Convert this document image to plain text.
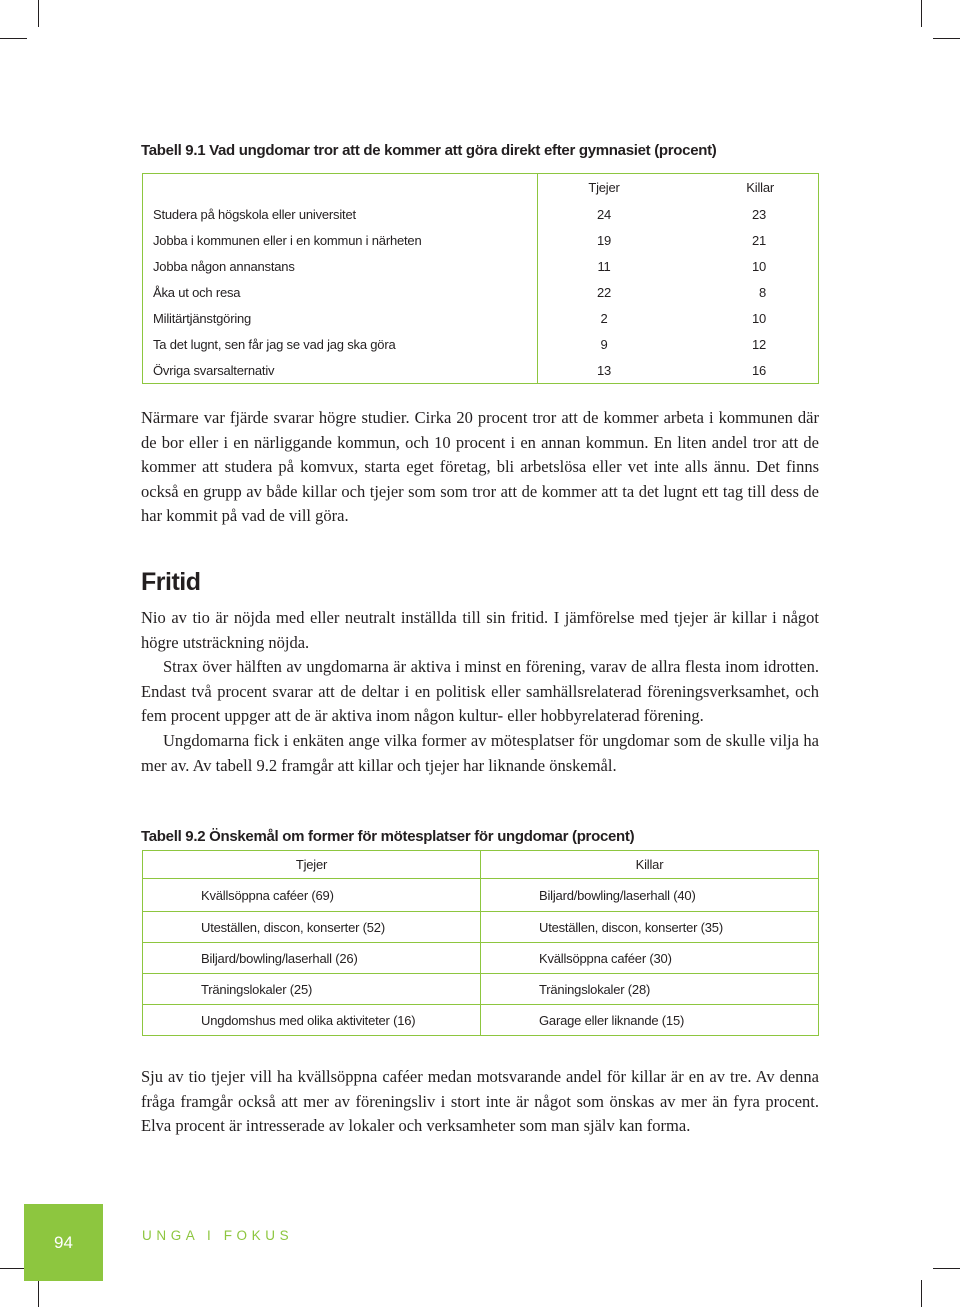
Tabell 9.1 Vad ungdomar tror att de kommer att göra direkt efter gymnasiet (procent)
	Tjejer	Killar
Studera på högskola eller universitet	24	23
Jobba i kommunen eller i en kommun i närheten	19	21
Jobba någon annanstans	11	10
Åka ut och resa	22	8
Militärtjänstgöring	2	10
Ta det lugnt, sen får jag se vad jag ska göra	9	12
Övriga svarsalternativ	13	16

Närmare var fjärde svarar högre studier. Cirka 20 procent tror att de kommer arbeta i kommunen där de bor eller i en närliggande kommun, och 10 procent i en annan kommun. En liten andel tror att de kommer att studera på komvux, starta eget företag, bli arbetslösa eller vet inte alls ännu. Det finns också en grupp av både killar och tjejer som som tror att de kommer att ta det lugnt ett tag till dess de har kommit på vad de vill göra.

Fritid

Nio av tio är nöjda med eller neutralt inställda till sin fritid. I jämförelse med tjejer är killar i något högre utsträckning nöjda.

Strax över hälften av ungdomarna är aktiva i minst en förening, varav de allra flesta inom idrotten. Endast två procent svarar att de deltar i en politisk eller samhällsrelaterad föreningsverksamhet, och fem procent uppger att de är aktiva inom någon kultur- eller hobbyrelaterad förening.

Ungdomarna fick i enkäten ange vilka former av mötesplatser för ungdomar som de skulle vilja ha mer av. Av tabell 9.2 framgår att killar och tjejer har liknande önskemål.

Tabell 9.2 Önskemål om former för mötesplatser för ungdomar (procent)
Tjejer	Killar
Kvällsöppna caféer (69)	Biljard/bowling/laserhall (40)
Uteställen, discon, konserter (52)	Uteställen, discon, konserter (35)
Biljard/bowling/laserhall (26)	Kvällsöppna caféer (30)
Träningslokaler (25)	Träningslokaler (28)
Ungdomshus med olika aktiviteter (16)	Garage eller liknande (15)

Sju av tio tjejer vill ha kvällsöppna caféer medan motsvarande andel för killar är en av tre. Av denna fråga framgår också att mer av föreningsliv i stort inte är något som önskas av mer än fyra procent. Elva procent är intresserade av lokaler och verksamheter som man själv kan forma.

94	UNGA I FOKUS
